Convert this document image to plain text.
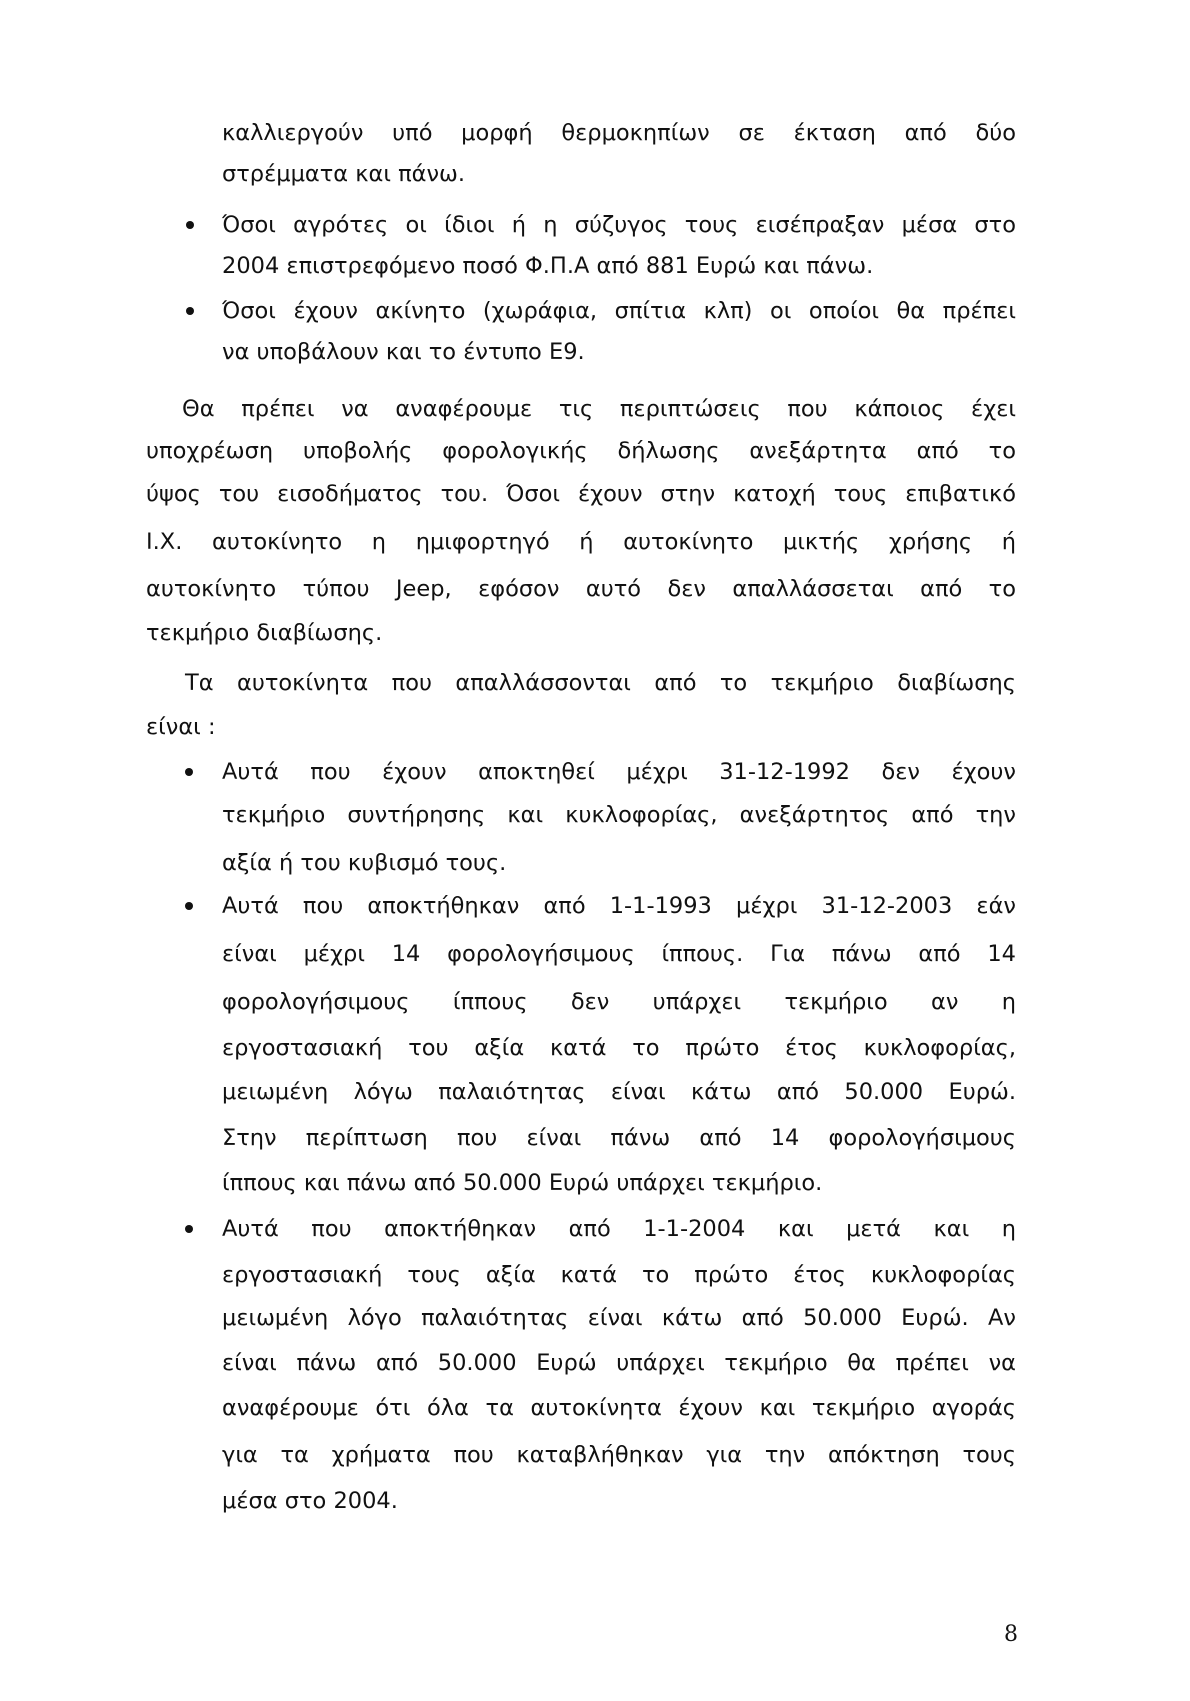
καλλιεργούν υπό μορφή θερμοκηπίων σε έκταση από δύο
στρέμματα και πάνω.
Όσοι αγρότες οι ίδιοι ή η σύζυγος τους εισέπραξαν μέσα στο
2004 επιστρεφόμενο ποσό Φ.Π.Α από 881 Ευρώ και πάνω.
Όσοι έχουν ακίνητο (χωράφια, σπίτια κλπ) οι οποίοι θα πρέπει
να υποβάλουν και το έντυπο Ε9.
Θα πρέπει να αναφέρουμε τις περιπτώσεις που κάποιος έχει
υποχρέωση υποβολής φορολογικής δήλωσης ανεξάρτητα από το
ύψος του εισοδήματος του. Όσοι έχουν στην κατοχή τους επιβατικό
Ι.Χ. αυτοκίνητο η ημιφορτηγό ή αυτοκίνητο μικτής χρήσης ή
αυτοκίνητο τύπου Jeep, εφόσον αυτό δεν απαλλάσσεται από το
τεκμήριο διαβίωσης.
Τα αυτοκίνητα που απαλλάσσονται από το τεκμήριο διαβίωσης
είναι :
Αυτά που έχουν αποκτηθεί μέχρι 31-12-1992 δεν έχουν
τεκμήριο συντήρησης και κυκλοφορίας, ανεξάρτητος από την
αξία ή του κυβισμό τους.
Αυτά που αποκτήθηκαν από 1-1-1993 μέχρι 31-12-2003 εάν
είναι μέχρι 14 φορολογήσιμους ίππους. Για πάνω από 14
φορολογήσιμους ίππους δεν υπάρχει τεκμήριο αν η
εργοστασιακή του αξία κατά το πρώτο έτος κυκλοφορίας,
μειωμένη λόγω παλαιότητας είναι κάτω από 50.000 Ευρώ.
Στην περίπτωση που είναι πάνω από 14 φορολογήσιμους
ίππους και πάνω από 50.000 Ευρώ υπάρχει τεκμήριο.
Αυτά που αποκτήθηκαν από 1-1-2004 και μετά και η
εργοστασιακή τους αξία κατά το πρώτο έτος κυκλοφορίας
μειωμένη λόγο παλαιότητας είναι κάτω από 50.000 Ευρώ. Αν
είναι πάνω από 50.000 Ευρώ υπάρχει τεκμήριο θα πρέπει να
αναφέρουμε ότι όλα τα αυτοκίνητα έχουν και τεκμήριο αγοράς
για τα χρήματα που καταβλήθηκαν για την απόκτηση τους
μέσα στο 2004.
8
